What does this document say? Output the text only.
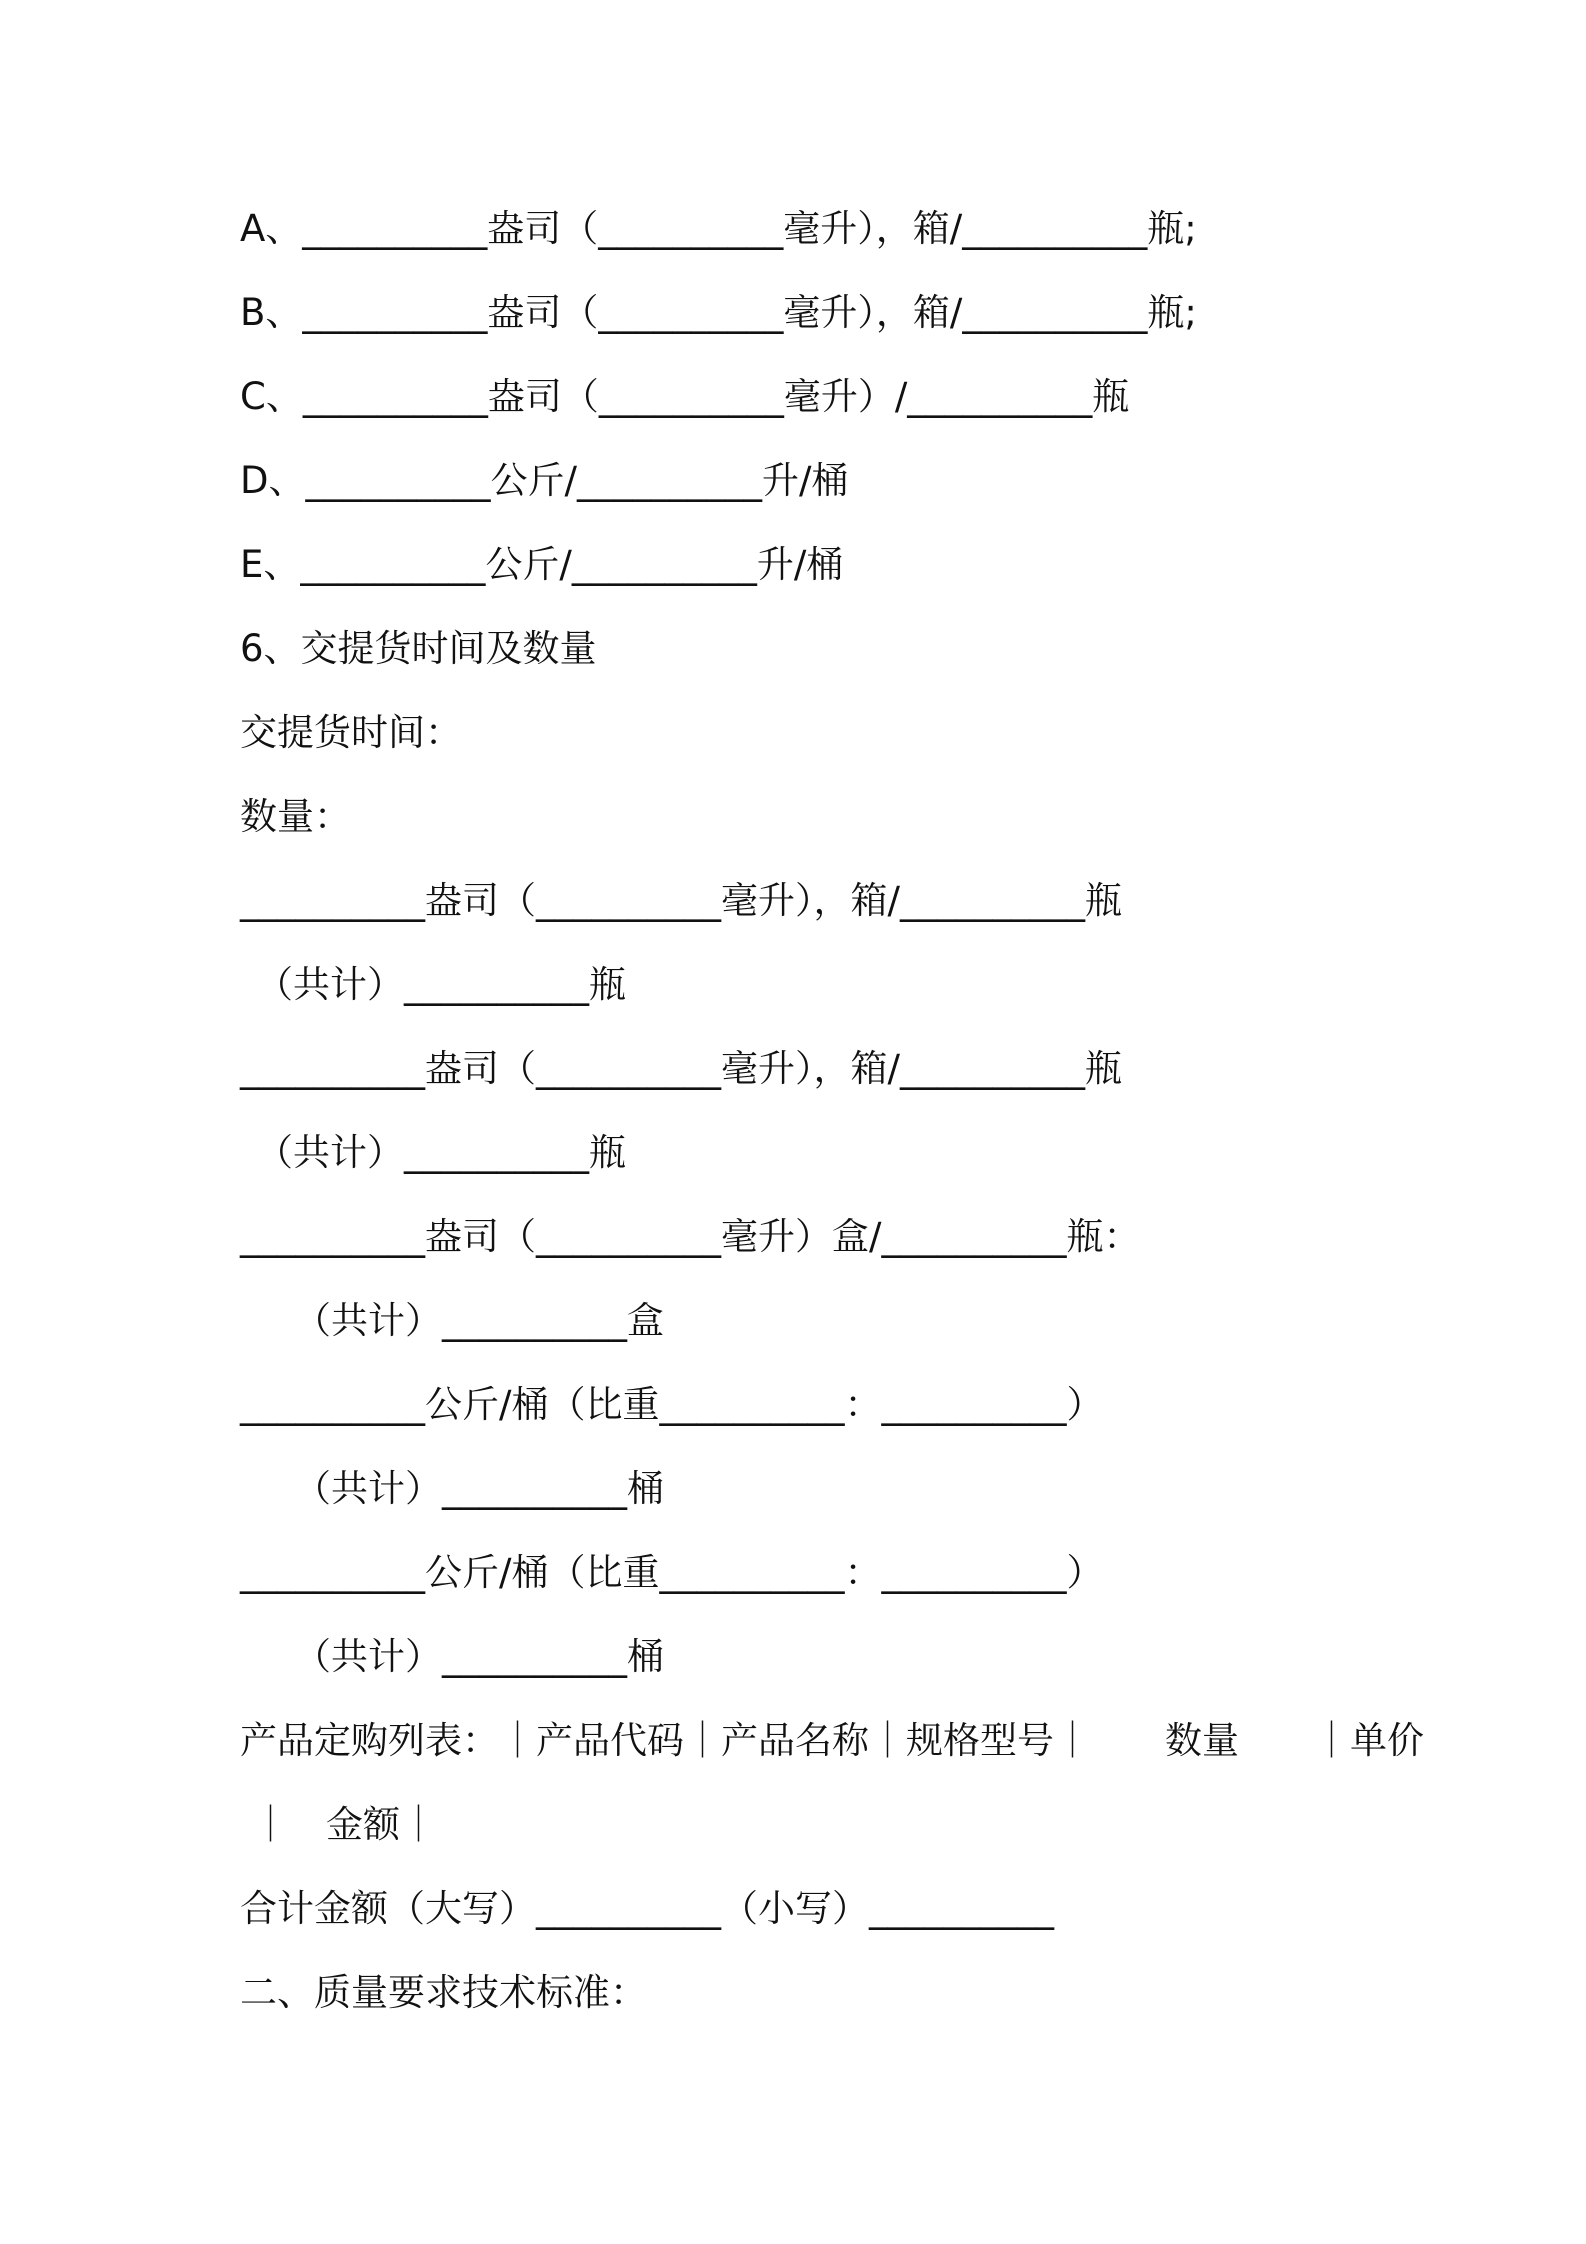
A、__________盎司（__________毫升），箱/__________瓶;
B、__________盎司（__________毫升），箱/__________瓶;
C、__________盎司（__________毫升）/__________瓶
D、__________公斤/__________升/桶
E、__________公斤/__________升/桶
6、交提货时间及数量
交提货时间：
数量：
__________盎司（__________毫升），箱/__________瓶
（共计）__________瓶
__________盎司（__________毫升），箱/__________瓶
（共计）__________瓶
__________盎司（__________毫升）盒/__________瓶：
（共计）__________盒
__________公斤/桶（比重__________：__________）
（共计）__________桶
__________公斤/桶（比重__________：__________）
（共计）__________桶
产品定购列表：｜产品代码｜产品名称｜规格型号｜　　数量　　｜单价
｜　金额｜
合计金额（大写）__________（小写）__________
二、质量要求技术标准：
